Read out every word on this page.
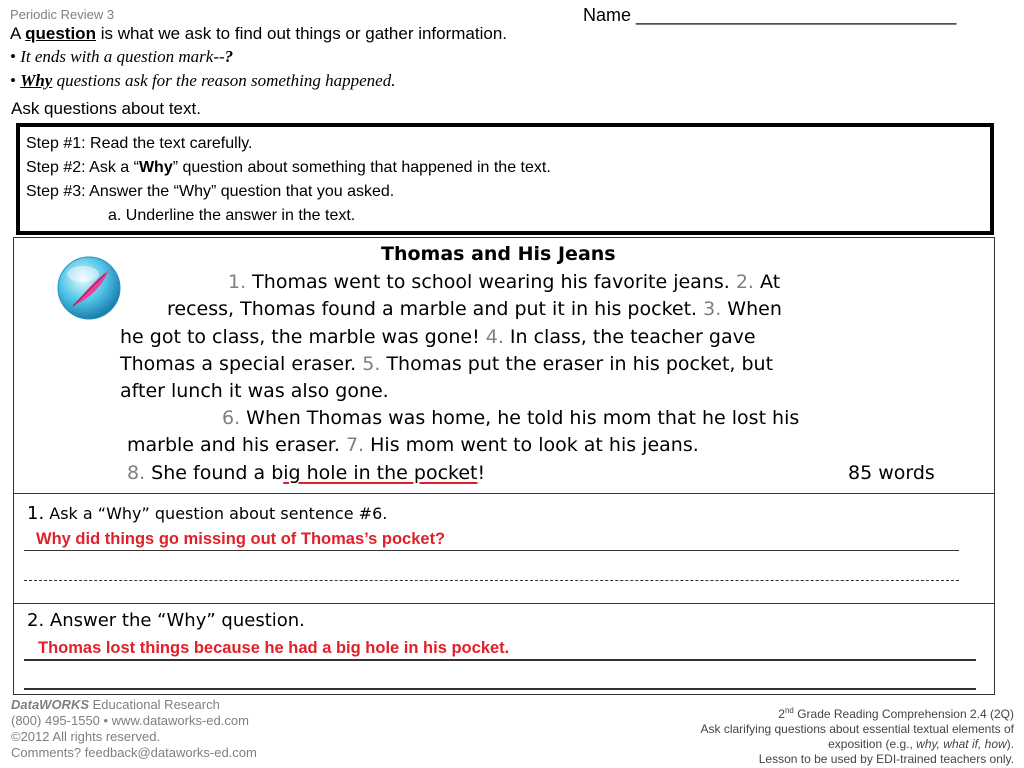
Periodic Review 3	Name ________________________________
A question is what we ask to find out things or gather information.
• It ends with a question mark--?
• Why questions ask for the reason something happened.
Ask questions about text.
Step #1: Read the text carefully.
Step #2: Ask a “Why” question about something that happened in the text.
Step #3: Answer the “Why” question that you asked.
a. Underline the answer in the text.
Thomas and His Jeans
1. Thomas went to school wearing his favorite jeans. 2. At
recess, Thomas found a marble and put it in his pocket. 3. When
he got to class, the marble was gone! 4. In class, the teacher gave
Thomas a special eraser. 5. Thomas put the eraser in his pocket, but
after lunch it was also gone.
6. When Thomas was home, he told his mom that he lost his
marble and his eraser. 7. His mom went to look at his jeans.
8. She found a big hole in the pocket!	85 words
1. Ask a “Why” question about sentence #6.
Why did things go missing out of Thomas’s pocket?
2. Answer the “Why” question.
Thomas lost things because he had a big hole in his pocket.
DataWORKS Educational Research
(800) 495-1550 • www.dataworks-ed.com
©2012 All rights reserved.
Comments? feedback@dataworks-ed.com
2nd Grade Reading Comprehension 2.4 (2Q)
Ask clarifying questions about essential textual elements of
exposition (e.g., why, what if, how).
Lesson to be used by EDI-trained teachers only.
